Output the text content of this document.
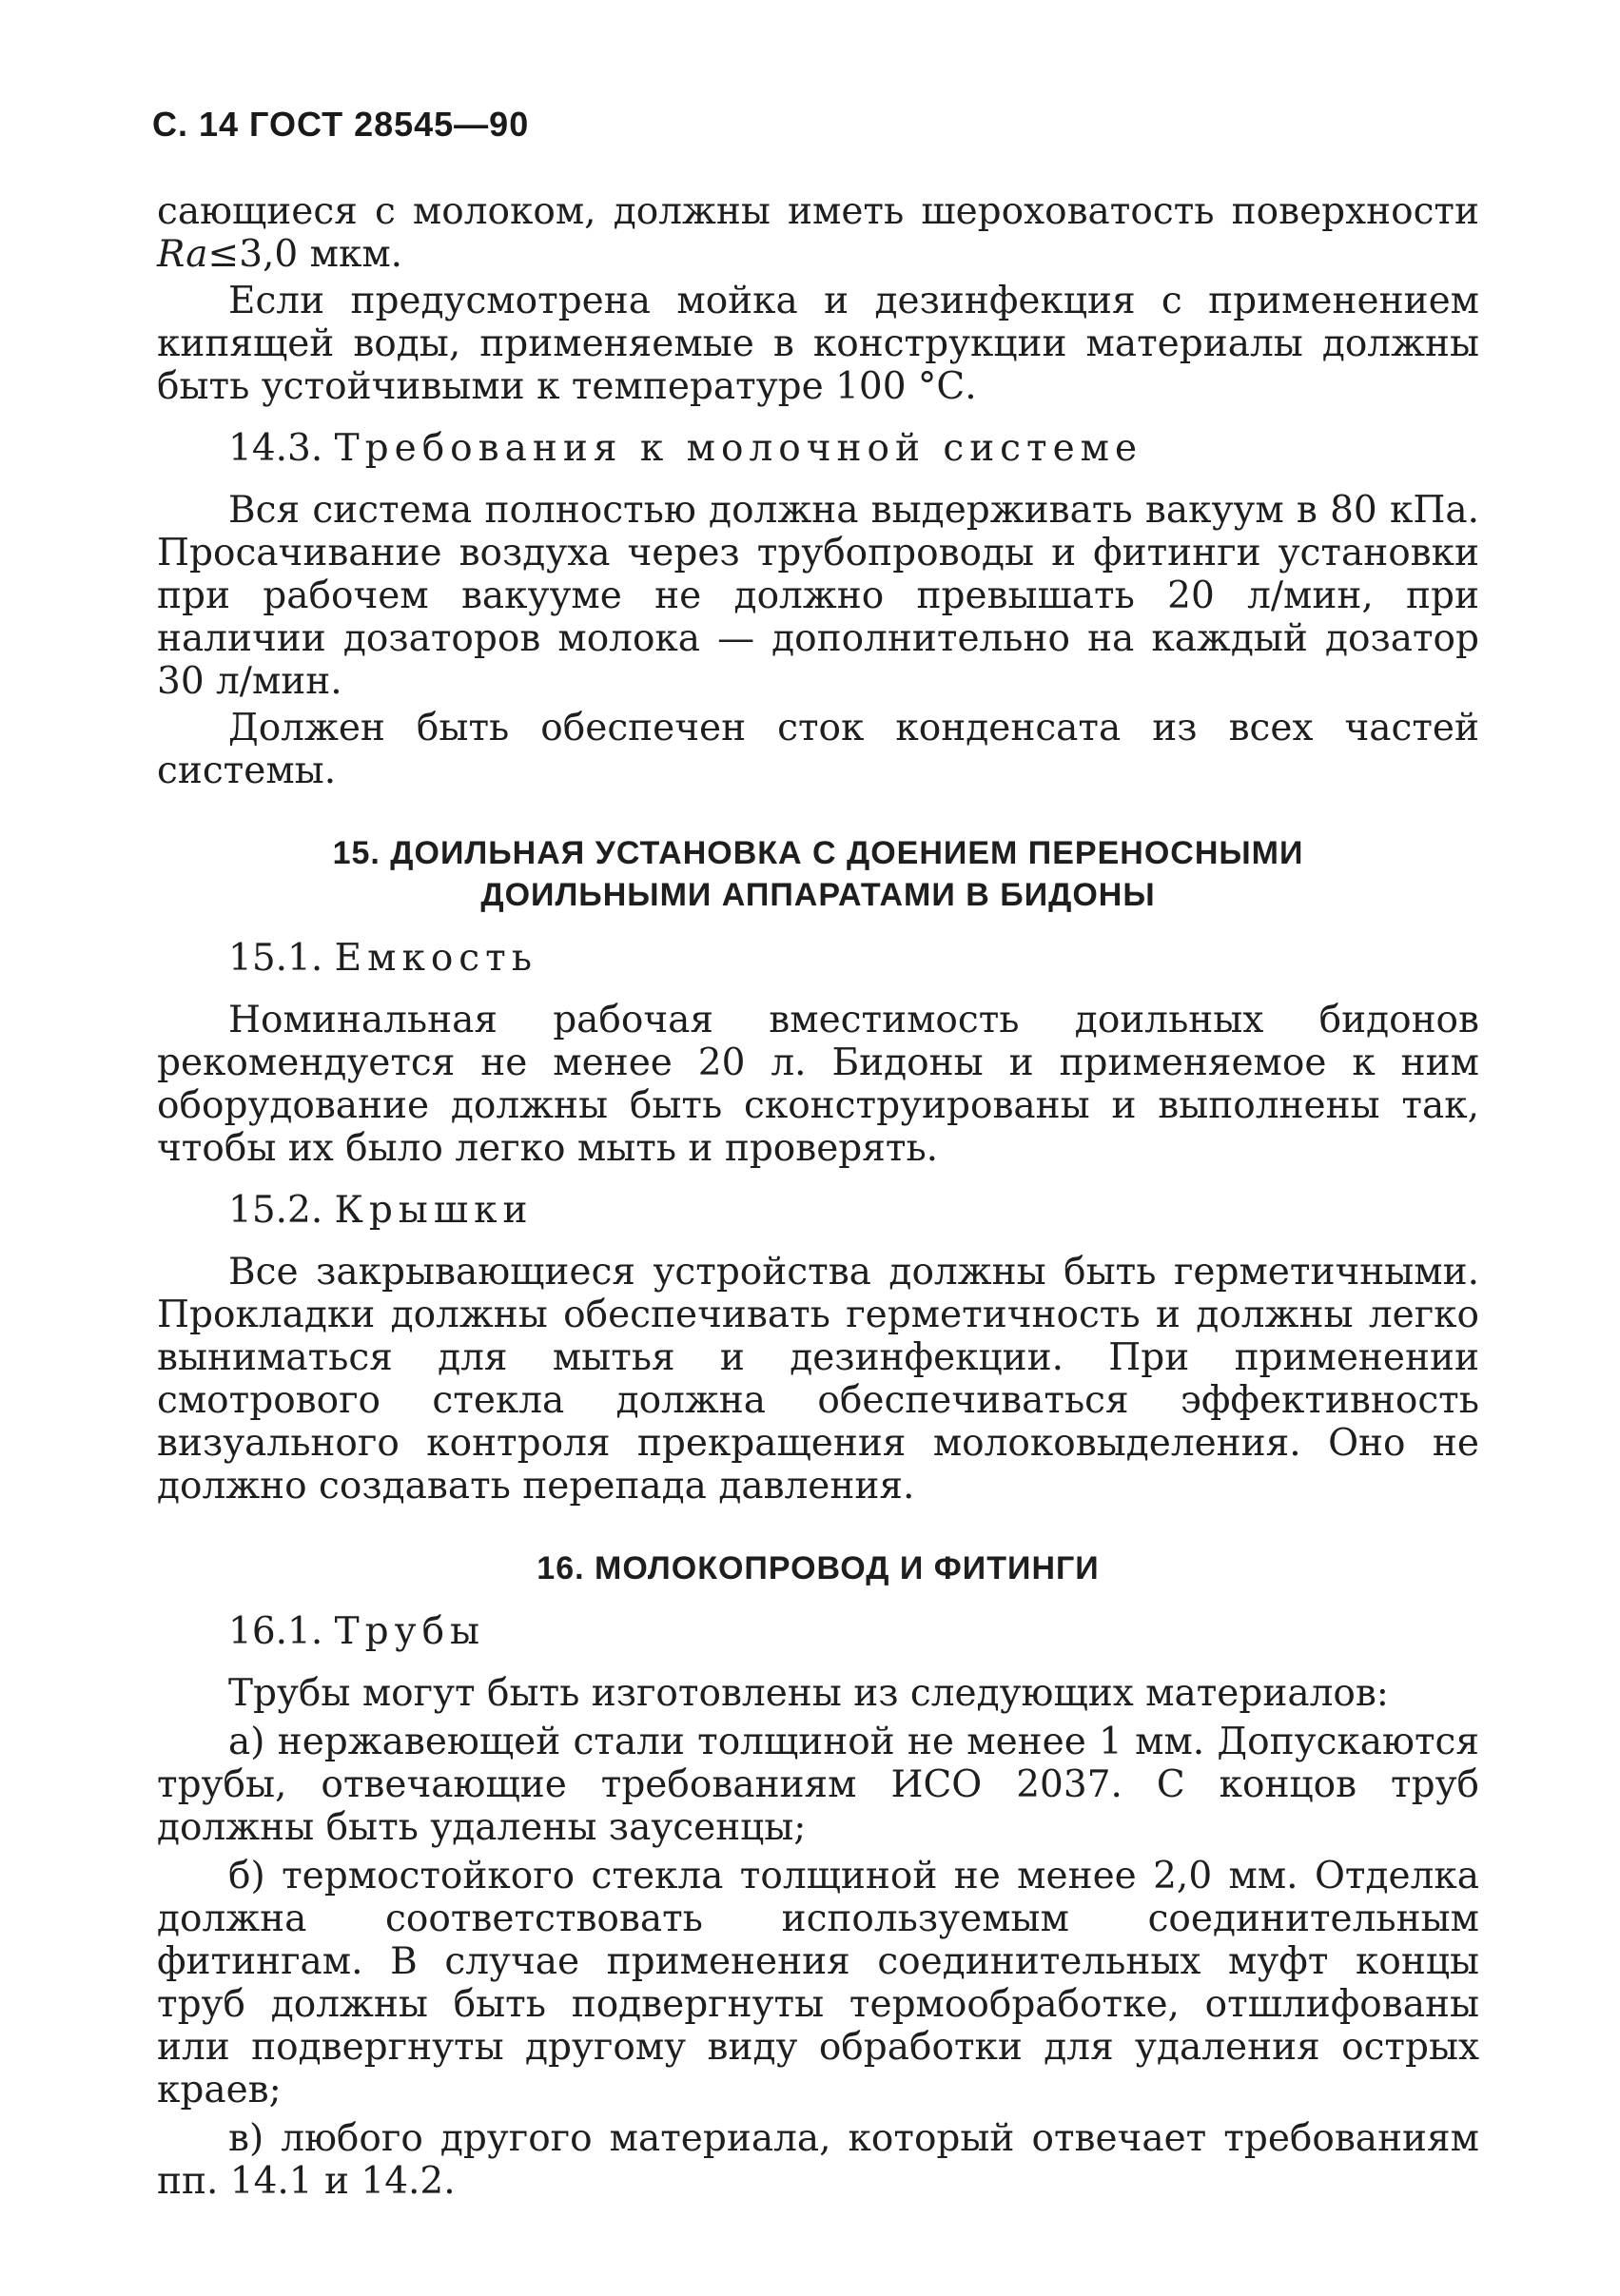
С. 14 ГОСТ 28545—90

сающиеся с молоком, должны иметь шероховатость поверхности Ra≤3,0 мкм.

Если предусмотрена мойка и дезинфекция с применением кипящей воды, применяемые в конструкции материалы должны быть устойчивыми к температуре 100 °С.

14.3. Требования к молочной системе

Вся система полностью должна выдерживать вакуум в 80 кПа. Просачивание воздуха через трубопроводы и фитинги установки при рабочем вакууме не должно превышать 20 л/мин, при наличии дозаторов молока — дополнительно на каждый дозатор 30 л/мин.

Должен быть обеспечен сток конденсата из всех частей системы.

15. ДОИЛЬНАЯ УСТАНОВКА С ДОЕНИЕМ ПЕРЕНОСНЫМИ
ДОИЛЬНЫМИ АППАРАТАМИ В БИДОНЫ
15.1. Емкость

Номинальная рабочая вместимость доильных бидонов рекомендуется не менее 20 л. Бидоны и применяемое к ним оборудование должны быть сконструированы и выполнены так, чтобы их было легко мыть и проверять.

15.2. Крышки

Все закрывающиеся устройства должны быть герметичными. Прокладки должны обеспечивать герметичность и должны легко выниматься для мытья и дезинфекции. При применении смотрового стекла должна обеспечиваться эффективность визуального контроля прекращения молоковыделения. Оно не должно создавать перепада давления.

16. МОЛОКОПРОВОД И ФИТИНГИ
16.1. Трубы

Трубы могут быть изготовлены из следующих материалов:

а) нержавеющей стали толщиной не менее 1 мм. Допускаются трубы, отвечающие требованиям ИСО 2037. С концов труб должны быть удалены заусенцы;

б) термостойкого стекла толщиной не менее 2,0 мм. Отделка должна соответствовать используемым соединительным фитингам. В случае применения соединительных муфт концы труб должны быть подвергнуты термообработке, отшлифованы или подвергнуты другому виду обработки для удаления острых краев;

в) любого другого материала, который отвечает требованиям пп. 14.1 и 14.2.
